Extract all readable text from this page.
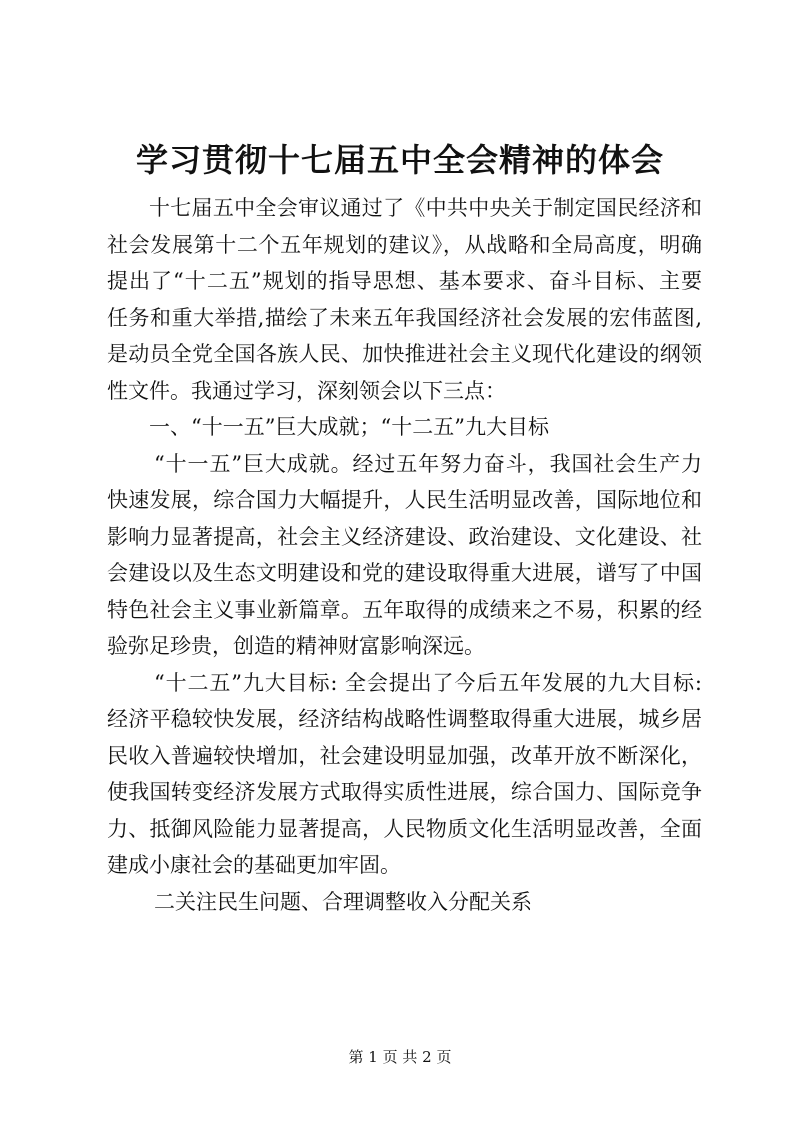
学习贯彻十七届五中全会精神的体会
十七届五中全会审议通过了《中共中央关于制定国民经济和
社会发展第十二个五年规划的建议》，从战略和全局高度，明确
提出了“十二五”规划的指导思想、基本要求、奋斗目标、主要
任务和重大举措,描绘了未来五年我国经济社会发展的宏伟蓝图,
是动员全党全国各族人民、加快推进社会主义现代化建设的纲领
性文件。我通过学习，深刻领会以下三点：
一、“十一五”巨大成就；“十二五”九大目标
“十一五”巨大成就。经过五年努力奋斗，我国社会生产力
快速发展，综合国力大幅提升，人民生活明显改善，国际地位和
影响力显著提高，社会主义经济建设、政治建设、文化建设、社
会建设以及生态文明建设和党的建设取得重大进展，谱写了中国
特色社会主义事业新篇章。五年取得的成绩来之不易，积累的经
验弥足珍贵，创造的精神财富影响深远。
“十二五”九大目标: 全会提出了今后五年发展的九大目标:
经济平稳较快发展，经济结构战略性调整取得重大进展，城乡居
民收入普遍较快增加，社会建设明显加强，改革开放不断深化，
使我国转变经济发展方式取得实质性进展，综合国力、国际竞争
力、抵御风险能力显著提高，人民物质文化生活明显改善，全面
建成小康社会的基础更加牢固。
二关注民生问题、合理调整收入分配关系
第 1 页 共 2 页
